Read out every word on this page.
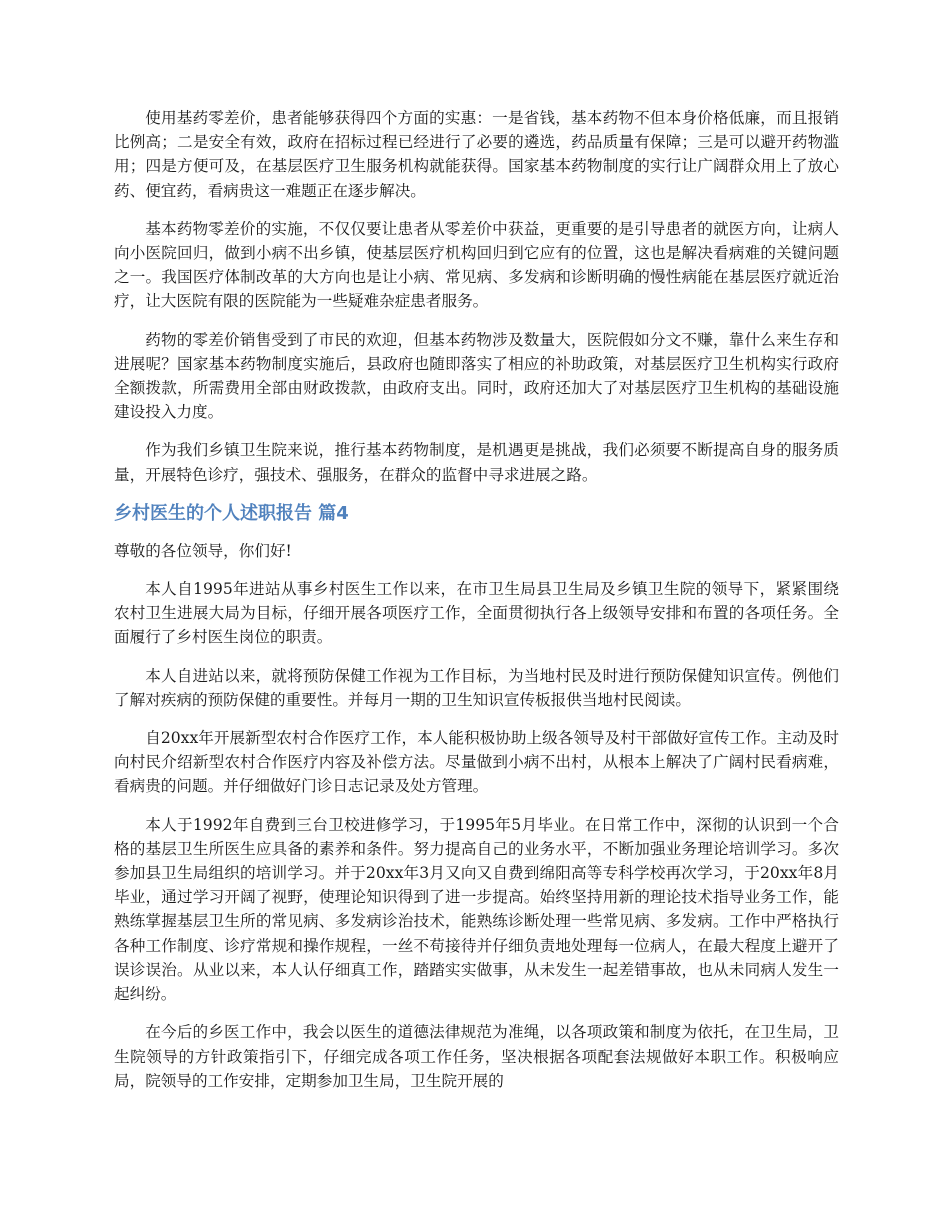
使用基药零差价，患者能够获得四个方面的实惠：一是省钱，基本药物不但本身价格低廉，而且报销比例高；二是安全有效，政府在招标过程已经进行了必要的遴选，药品质量有保障；三是可以避开药物滥用；四是方便可及，在基层医疗卫生服务机构就能获得。国家基本药物制度的实行让广阔群众用上了放心药、便宜药，看病贵这一难题正在逐步解决。

基本药物零差价的实施，不仅仅要让患者从零差价中获益，更重要的是引导患者的就医方向，让病人向小医院回归，做到小病不出乡镇，使基层医疗机构回归到它应有的位置，这也是解决看病难的关键问题之一。我国医疗体制改革的大方向也是让小病、常见病、多发病和诊断明确的慢性病能在基层医疗就近治疗，让大医院有限的医院能为一些疑难杂症患者服务。

药物的零差价销售受到了市民的欢迎，但基本药物涉及数量大，医院假如分文不赚，靠什么来生存和进展呢？国家基本药物制度实施后，县政府也随即落实了相应的补助政策，对基层医疗卫生机构实行政府全额拨款，所需费用全部由财政拨款，由政府支出。同时，政府还加大了对基层医疗卫生机构的基础设施建设投入力度。

作为我们乡镇卫生院来说，推行基本药物制度，是机遇更是挑战，我们必须要不断提高自身的服务质量，开展特色诊疗，强技术、强服务，在群众的监督中寻求进展之路。

乡村医生的个人述职报告 篇4

尊敬的各位领导，你们好!

本人自1995年进站从事乡村医生工作以来，在市卫生局县卫生局及乡镇卫生院的领导下，紧紧围绕农村卫生进展大局为目标，仔细开展各项医疗工作，全面贯彻执行各上级领导安排和布置的各项任务。全面履行了乡村医生岗位的职责。

本人自进站以来，就将预防保健工作视为工作目标，为当地村民及时进行预防保健知识宣传。例他们了解对疾病的预防保健的重要性。并每月一期的卫生知识宣传板报供当地村民阅读。

自20xx年开展新型农村合作医疗工作，本人能积极协助上级各领导及村干部做好宣传工作。主动及时向村民介绍新型农村合作医疗内容及补偿方法。尽量做到小病不出村，从根本上解决了广阔村民看病难，看病贵的问题。并仔细做好门诊日志记录及处方管理。

本人于1992年自费到三台卫校进修学习，于1995年5月毕业。在日常工作中，深彻的认识到一个合格的基层卫生所医生应具备的素养和条件。努力提高自己的业务水平，不断加强业务理论培训学习。多次参加县卫生局组织的培训学习。并于20xx年3月又向又自费到绵阳高等专科学校再次学习，于20xx年8月毕业，通过学习开阔了视野，使理论知识得到了进一步提高。始终坚持用新的理论技术指导业务工作，能熟练掌握基层卫生所的常见病、多发病诊治技术，能熟练诊断处理一些常见病、多发病。工作中严格执行各种工作制度、诊疗常规和操作规程，一丝不苟接待并仔细负责地处理每一位病人，在最大程度上避开了误诊误治。从业以来，本人认仔细真工作，踏踏实实做事，从未发生一起差错事故，也从未同病人发生一起纠纷。

在今后的乡医工作中，我会以医生的道德法律规范为准绳，以各项政策和制度为依托，在卫生局，卫生院领导的方针政策指引下，仔细完成各项工作任务，坚决根据各项配套法规做好本职工作。积极响应局，院领导的工作安排，定期参加卫生局，卫生院开展的
